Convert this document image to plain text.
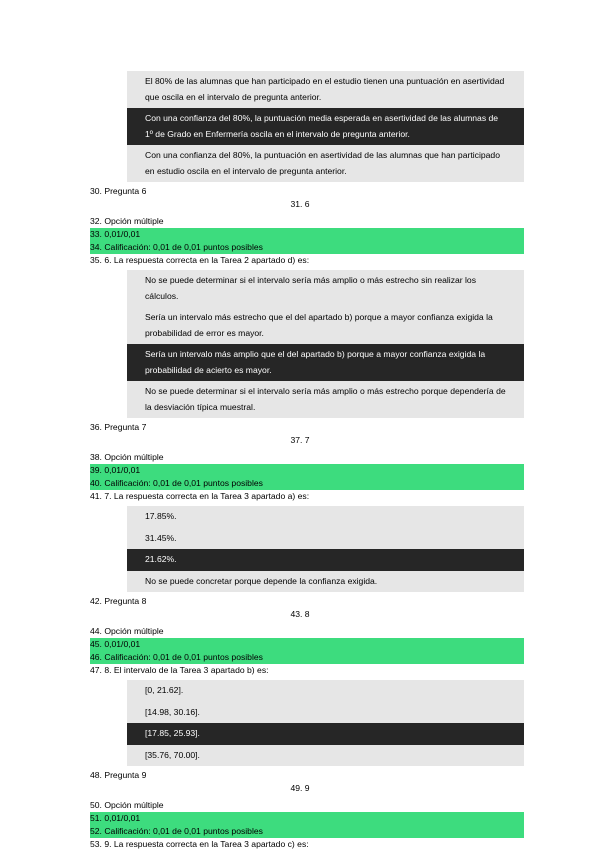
El 80% de las alumnas que han participado en el estudio tienen una puntuación en asertividad
que oscila en el intervalo de pregunta anterior.
Con una confianza del 80%, la puntuación media esperada en asertividad de las alumnas de
1º de Grado en Enfermería oscila en el intervalo de pregunta anterior.
Con una confianza del 80%, la puntuación en asertividad de las alumnas que han participado
en estudio oscila en el intervalo de pregunta anterior.
30. Pregunta 6
31. 6
32. Opción múltiple
33. 0,01/0,01
34. Calificación: 0,01 de 0,01 puntos posibles
35. 6. La respuesta correcta en la Tarea 2 apartado d) es:
No se puede determinar si el intervalo sería más amplio o más estrecho sin realizar los
cálculos.
Sería un intervalo más estrecho que el del apartado b) porque a mayor confianza exigida la
probabilidad de error es mayor.
Sería un intervalo más amplio que el del apartado b) porque a mayor confianza exigida la
probabilidad de acierto es mayor.
No se puede determinar si el intervalo sería más amplio o más estrecho porque dependería de
la desviación típica muestral.
36. Pregunta 7
37. 7
38. Opción múltiple
39. 0,01/0,01
40. Calificación: 0,01 de 0,01 puntos posibles
41. 7. La respuesta correcta en la Tarea 3 apartado a) es:
17.85%.
31.45%.
21.62%.
No se puede concretar porque depende la confianza exigida.
42. Pregunta 8
43. 8
44. Opción múltiple
45. 0,01/0,01
46. Calificación: 0,01 de 0,01 puntos posibles
47. 8. El intervalo de la Tarea 3 apartado b) es:
[0, 21.62].
[14.98, 30.16].
[17.85, 25.93].
[35.76, 70.00].
48. Pregunta 9
49. 9
50. Opción múltiple
51. 0,01/0,01
52. Calificación: 0,01 de 0,01 puntos posibles
53. 9. La respuesta correcta en la Tarea 3 apartado c) es:
